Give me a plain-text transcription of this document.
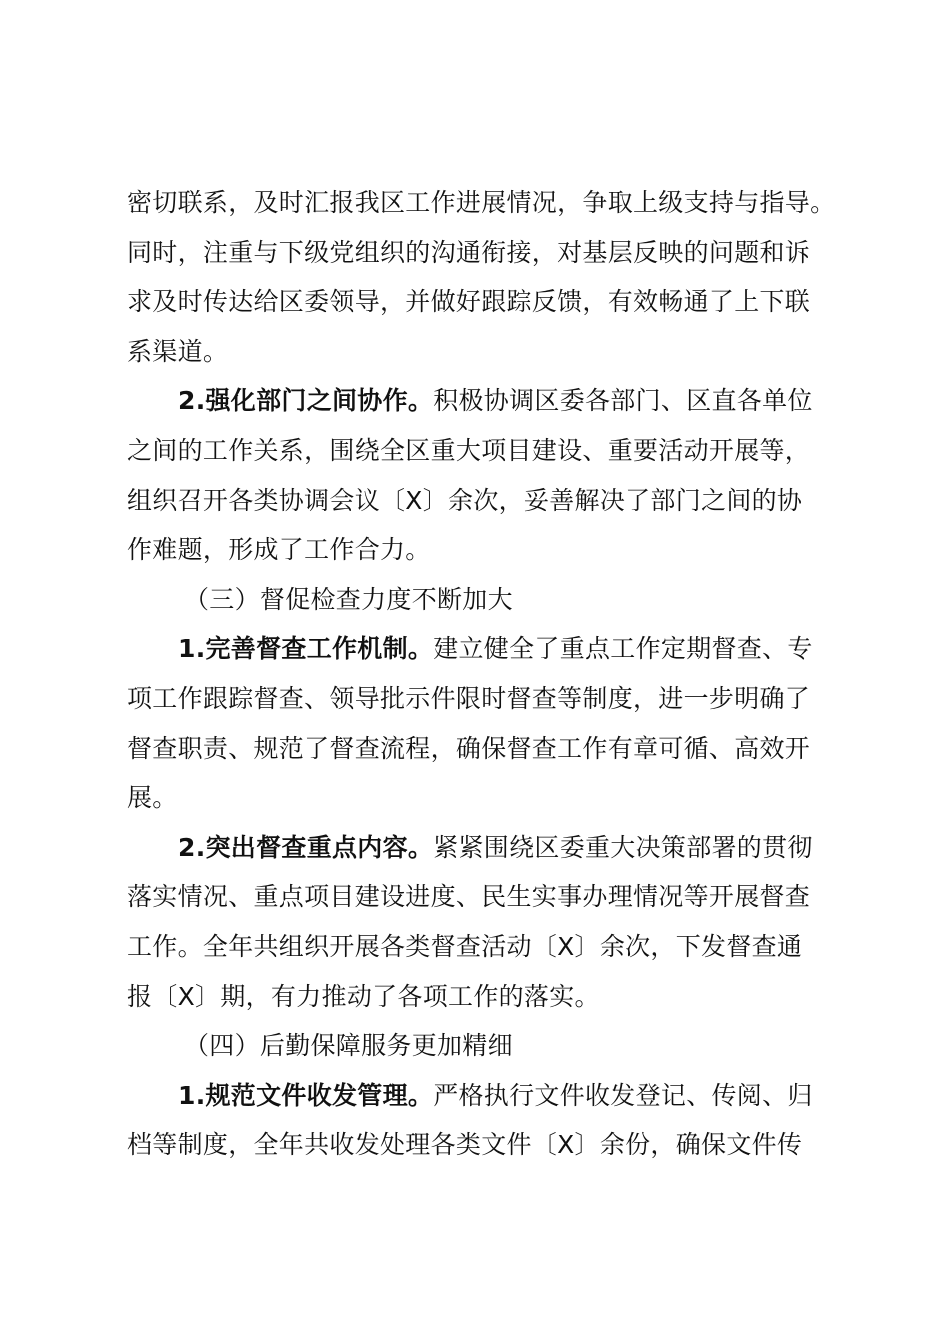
密切联系，及时汇报我区工作进展情况，争取上级支持与指导。
同时，注重与下级党组织的沟通衔接，对基层反映的问题和诉
求及时传达给区委领导，并做好跟踪反馈，有效畅通了上下联
系渠道。
2.强化部门之间协作。积极协调区委各部门、区直各单位
之间的工作关系，围绕全区重大项目建设、重要活动开展等，
组织召开各类协调会议〔X〕余次，妥善解决了部门之间的协
作难题，形成了工作合力。
（三）督促检查力度不断加大
1.完善督查工作机制。建立健全了重点工作定期督查、专
项工作跟踪督查、领导批示件限时督查等制度，进一步明确了
督查职责、规范了督查流程，确保督查工作有章可循、高效开
展。
2.突出督查重点内容。紧紧围绕区委重大决策部署的贯彻
落实情况、重点项目建设进度、民生实事办理情况等开展督查
工作。全年共组织开展各类督查活动〔X〕余次，下发督查通
报〔X〕期，有力推动了各项工作的落实。
（四）后勤保障服务更加精细
1.规范文件收发管理。严格执行文件收发登记、传阅、归
档等制度，全年共收发处理各类文件〔X〕余份，确保文件传
